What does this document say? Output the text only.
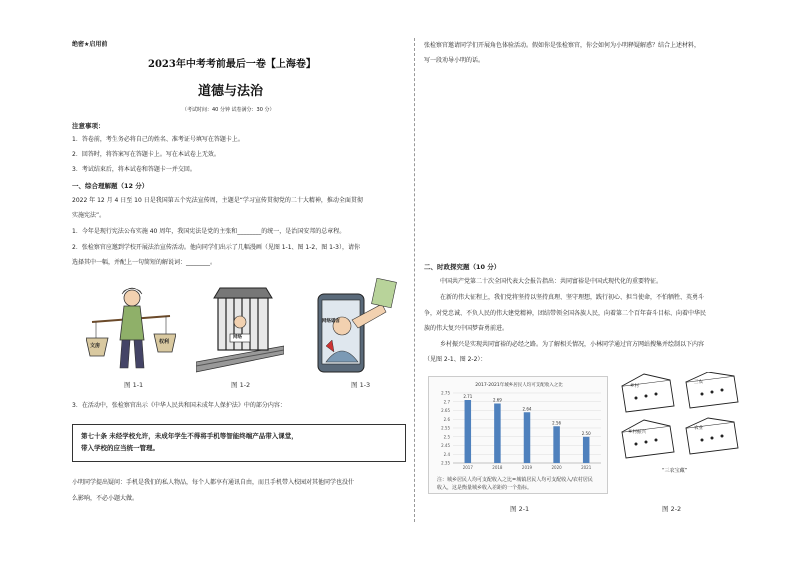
绝密★启用前
2023年中考考前最后一卷【上海卷】
道德与法治
（考试时间：40 分钟 试卷满分：30 分）
注意事项：
1．答卷前，考生务必将自己的姓名、准考证号填写在答题卡上。
2．回答时，将答案写在答题卡上。写在本试卷上无效。
3．考试结束后，将本试卷和答题卡一并交回。
一、综合理解题（12 分）
2022 年 12 月 4 日至 10 日是我国第五个宪法宣传周，主题是“学习宣传贯彻党的二十大精神，推动全面贯彻
实施宪法”。
1．今年是现行宪法公布实施 40 周年，我国宪法是党的主张和________的统一，是治国安邦的总章程。
2．张检察官应邀到学校开展法治宣传活动。他向同学们出示了几幅漫画（见图 1-1、图 1-2、图 1-3），请你
选择其中一幅，并配上一句简短的解说词：________。
文房
权利
图 1-1
网络
图 1-2
网络谣言
图 1-3
3．在活动中，张检察官出示《中华人民共和国未成年人保护法》中的部分内容：
第七十条 未经学校允许，未成年学生不得将手机等智能终端产品带入课堂，
带入学校的应当统一管理。
小明同学提出疑问：手机是我们的私人物品，每个人都享有通讯自由，而且手机带入校园对其他同学也没什
么影响，不必小题大做。
张检察官邀请同学们开展角色体验活动。假如你是张检察官，你会如何为小明释疑解惑？结合上述材料，
写一段劝导小明的话。
二、时政探究题（10 分）
中国共产党第二十次全国代表大会报告指出：共同富裕是中国式现代化的重要特征。
在新的伟大征程上，我们党将坚持以坚持真理、坚守理想，践行初心、担当使命，不怕牺牲、英勇斗
争，对党忠诚、不负人民的伟大建党精神，团结带领全国各族人民，向着第二个百年奋斗目标、向着中华民
族的伟大复兴中国梦奋勇前进。
乡村振兴是实现共同富裕的必经之路。为了解相关情况，小林同学通过官方网站搜集并绘制以下内容
（见图 2-1、图 2-2）：
2017-2021年城乡居民人均可支配收入之比
2.75
2.7
2.65
2.6
2.55
2.5
2.45
2.4
2.35
2.71
2017
2.69
2018
2.64
2019
2.56
2020
2.50
2021
注：城乡居民人均可支配收入之比=城镇居民人均可支配收入/农村居民
收入，这是衡量城乡收入差距的一个指标。
图 2-1
乡村
三农
乡村振兴
农业
“三农宝藏”
图 2-2
